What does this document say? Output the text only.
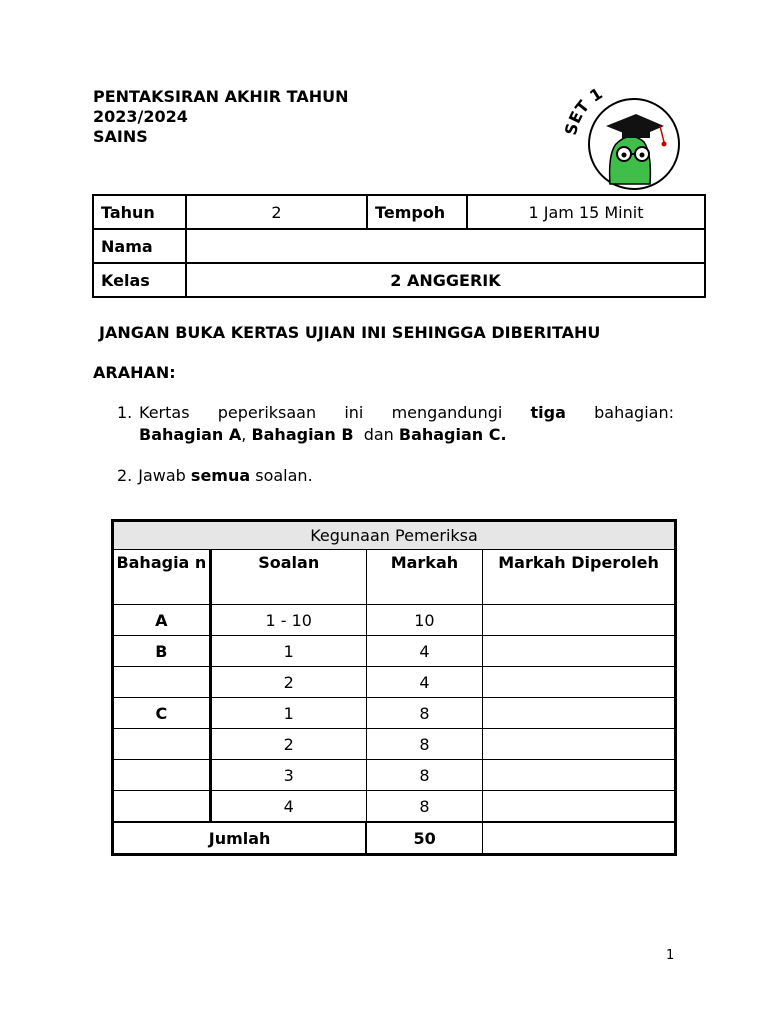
PENTAKSIRAN AKHIR TAHUN
2023/2024
SAINS	SET 1
Tahun	2	Tempoh	1 Jam 15 Minit
Nama			
Kelas	2 ANGGERIK		
JANGAN BUKA KERTAS UJIAN INI SEHINGGA DIBERITAHU
ARAHAN:
1. Kertas peperiksaan ini mengandungi tiga bahagian:
Bahagian A, Bahagian B  dan Bahagian C.
2. Jawab semua soalan.
Kegunaan Pemeriksa			
Bahagia n	Soalan	Markah	Markah Diperoleh
A	1 - 10	10	
B	1	4	
	2	4	
C	1	8	
	2	8	
	3	8	
	4	8	
Jumlah		50	
1
